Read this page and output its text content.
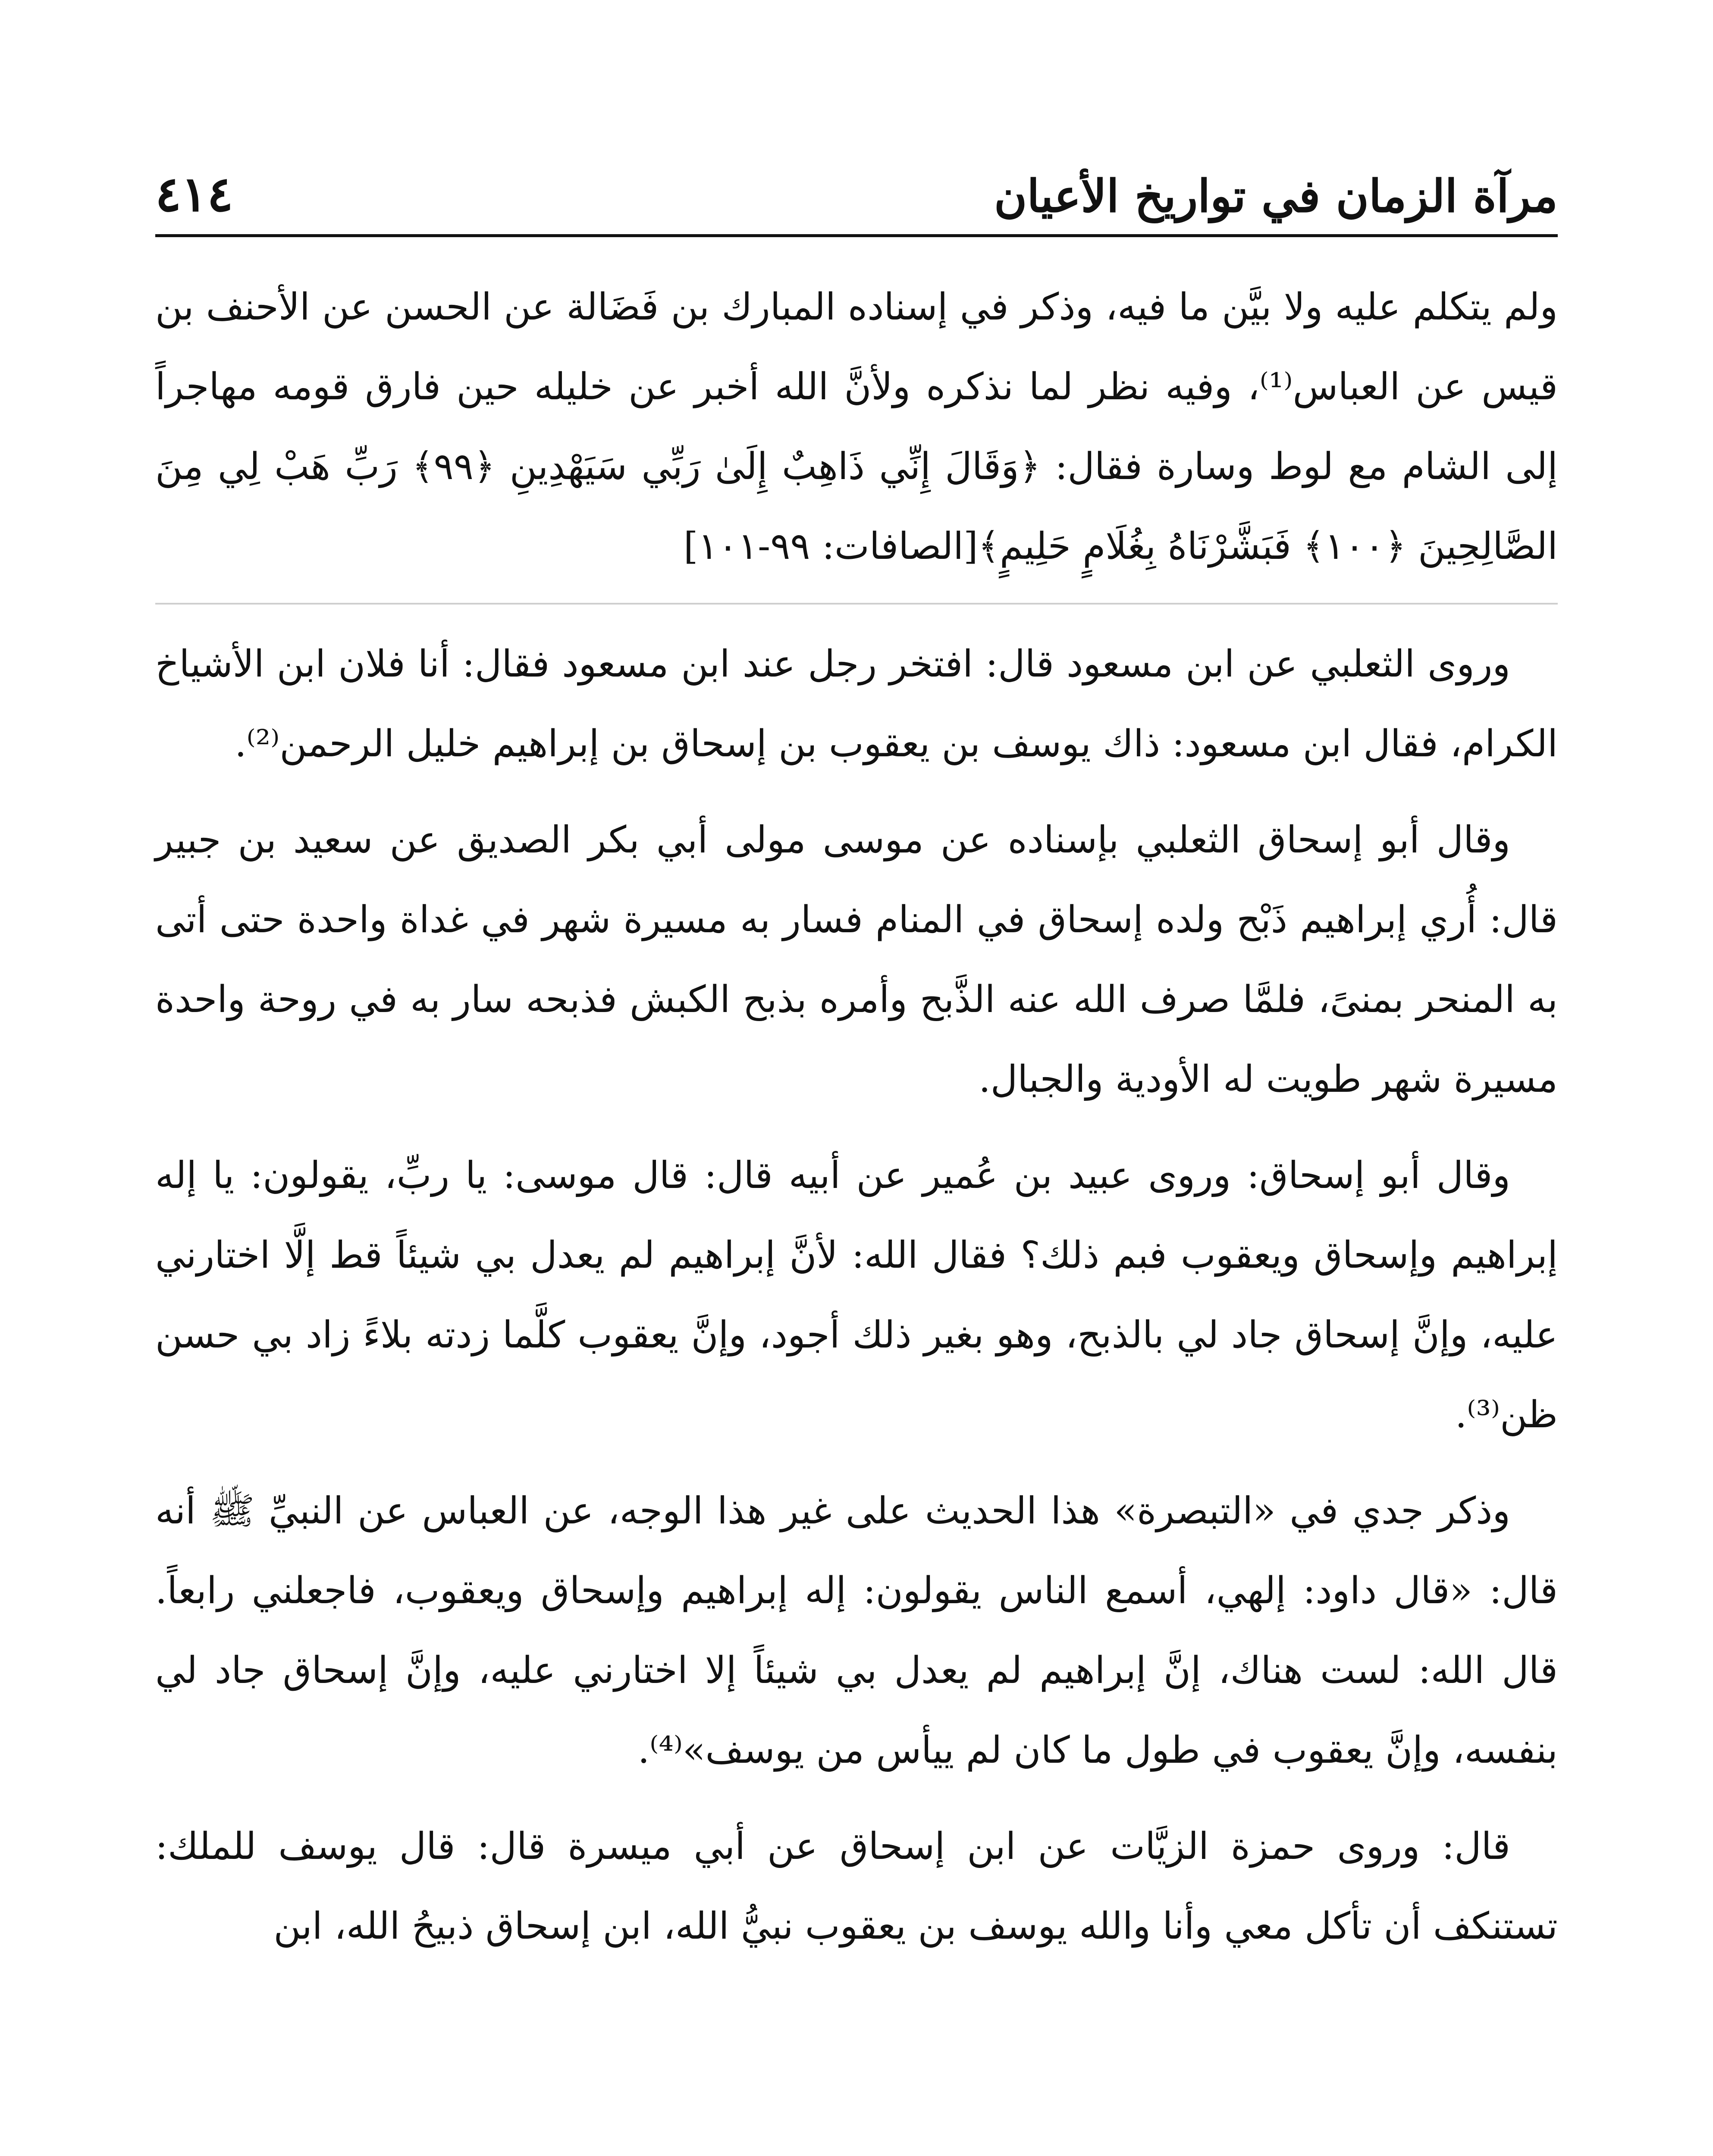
مرآة الزمان في تواريخ الأعيان
٤١٤

ولم يتكلم عليه ولا بيَّن ما فيه، وذكر في إسناده المبارك بن فَضَالة عن الحسن عن الأحنف بن قيس عن العباس⁽¹⁾، وفيه نظر لما نذكره ولأنَّ الله أخبر عن خليله حين فارق قومه مهاجراً إلى الشام مع لوط وسارة فقال: ﴿وَقَالَ إِنِّي ذَاهِبٌ إِلَىٰ رَبِّي سَيَهْدِينِ ﴿٩٩﴾ رَبِّ هَبْ لِي مِنَ الصَّالِحِينَ ﴿١٠٠﴾ فَبَشَّرْنَاهُ بِغُلَامٍ حَلِيمٍ﴾[الصافات: ٩٩-١٠١]

وروى الثعلبي عن ابن مسعود قال: افتخر رجل عند ابن مسعود فقال: أنا فلان ابن الأشياخ الكرام، فقال ابن مسعود: ذاك يوسف بن يعقوب بن إسحاق بن إبراهيم خليل الرحمن⁽²⁾.

وقال أبو إسحاق الثعلبي بإسناده عن موسى مولى أبي بكر الصديق عن سعيد بن جبير قال: أُري إبراهيم ذَبْح ولده إسحاق في المنام فسار به مسيرة شهر في غداة واحدة حتى أتى به المنحر بمنىً، فلمَّا صرف الله عنه الذَّبح وأمره بذبح الكبش فذبحه سار به في روحة واحدة مسيرة شهر طويت له الأودية والجبال.

وقال أبو إسحاق: وروى عبيد بن عُمير عن أبيه قال: قال موسى: يا ربِّ، يقولون: يا إله إبراهيم وإسحاق ويعقوب فبم ذلك؟ فقال الله: لأنَّ إبراهيم لم يعدل بي شيئاً قط إلَّا اختارني عليه، وإنَّ إسحاق جاد لي بالذبح، وهو بغير ذلك أجود، وإنَّ يعقوب كلَّما زدته بلاءً زاد بي حسن ظن⁽³⁾.

وذكر جدي في «التبصرة» هذا الحديث على غير هذا الوجه، عن العباس عن النبيِّ ﷺ أنه قال: «قال داود: إلهي، أسمع الناس يقولون: إله إبراهيم وإسحاق ويعقوب، فاجعلني رابعاً. قال الله: لست هناك، إنَّ إبراهيم لم يعدل بي شيئاً إلا اختارني عليه، وإنَّ إسحاق جاد لي بنفسه، وإنَّ يعقوب في طول ما كان لم ييأس من يوسف»⁽⁴⁾.

قال: وروى حمزة الزيَّات عن ابن إسحاق عن أبي ميسرة قال: قال يوسف للملك: تستنكف أن تأكل معي وأنا والله يوسف بن يعقوب نبيُّ الله، ابن إسحاق ذبيحُ الله، ابن
